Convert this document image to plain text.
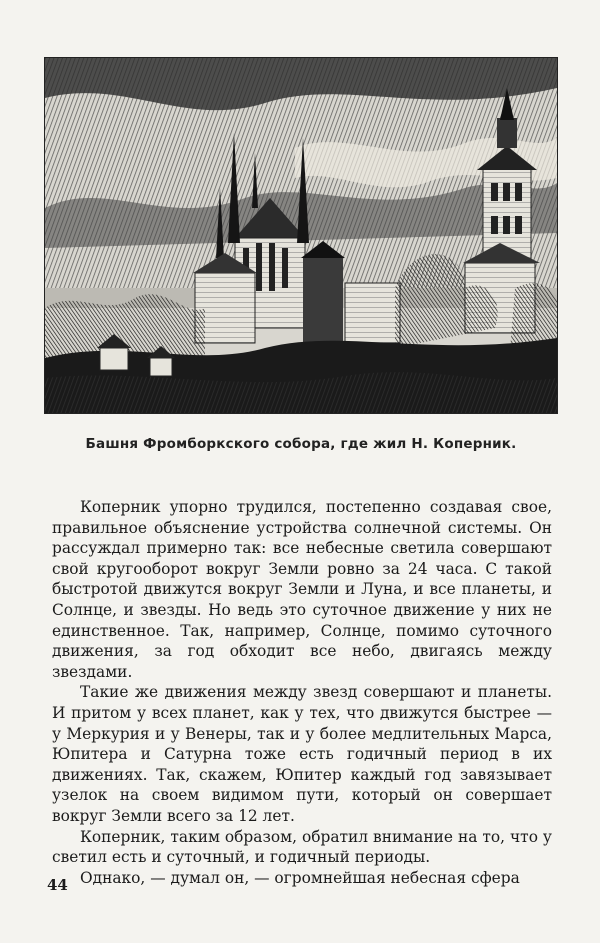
Башня Фромборкского собора, где жил Н. Коперник.

Коперник упорно трудился, постепенно создавая свое, правильное объяснение устройства солнечной системы. Он рассуждал примерно так: все небесные светила совершают свой кругооборот вокруг Земли ровно за 24 часа. С такой быстротой движутся вокруг Земли и Луна, и все планеты, и Солнце, и звезды. Но ведь это суточное движение у них не единственное. Так, например, Солнце, помимо суточного движения, за год обходит все небо, двигаясь между звездами.

Такие же движения между звезд совершают и планеты. И притом у всех планет, как у тех, что движутся быстрее — у Меркурия и у Венеры, так и у более медлительных Марса, Юпитера и Сатурна тоже есть годичный период в их движениях. Так, скажем, Юпитер каждый год завязывает узелок на своем видимом пути, который он совершает вокруг Земли всего за 12 лет.

Коперник, таким образом, обратил внимание на то, что у светил есть и суточный, и годичный периоды.

Однако, — думал он, — огромнейшая небесная сфера

44
